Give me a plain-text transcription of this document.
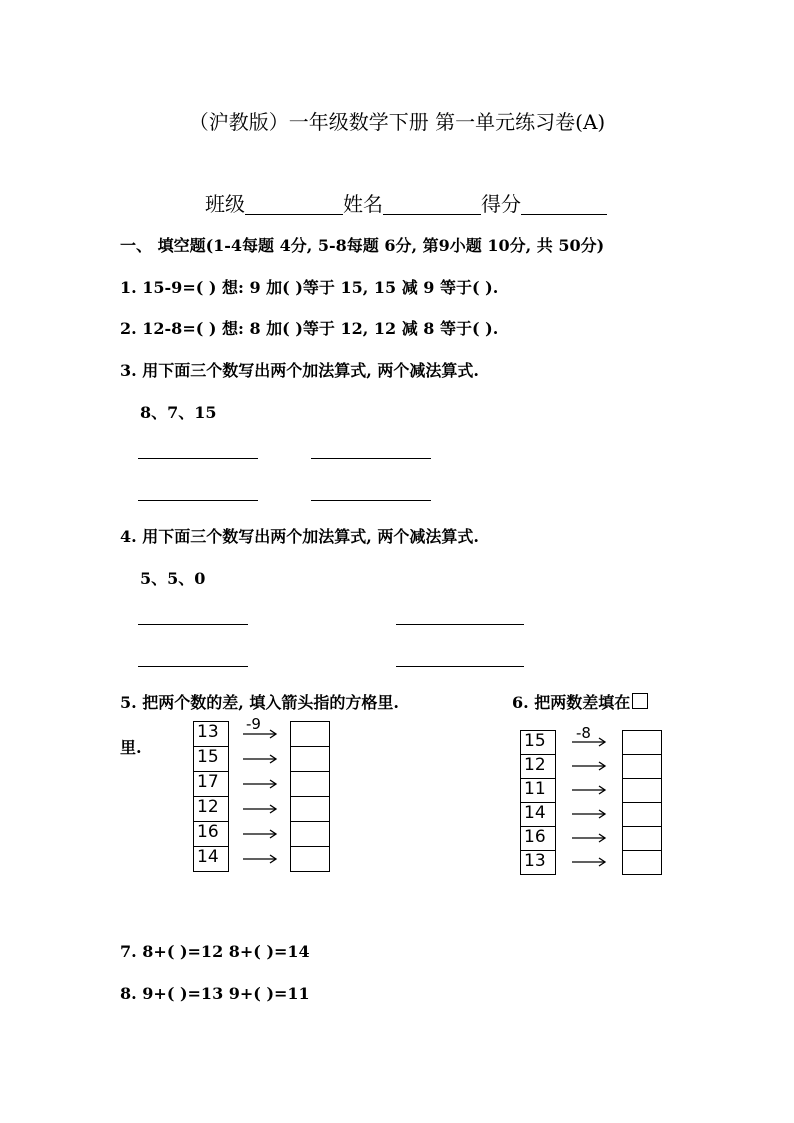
（沪教版）一年级数学下册 第一单元练习卷(A)
班级	姓名	得分
一、 填空题(1-4每题 4分, 5-8每题 6分, 第9小题 10分, 共 50分)
1. 15-9=( ) 想: 9 加( )等于 15, 15 减 9 等于( ).
2. 12-8=( ) 想: 8 加( )等于 12, 12 减 8 等于( ).
3. 用下面三个数写出两个加法算式, 两个减法算式.
8、7、15
4. 用下面三个数写出两个加法算式, 两个减法算式.
5、5、0
5. 把两个数的差, 填入箭头指的方格里.
里.
6. 把两数差填在
-9
13
15
17
12
16
14
-8
15
12
11
14
16
13
7. 8+( )=12 8+( )=14
8. 9+( )=13 9+( )=11
